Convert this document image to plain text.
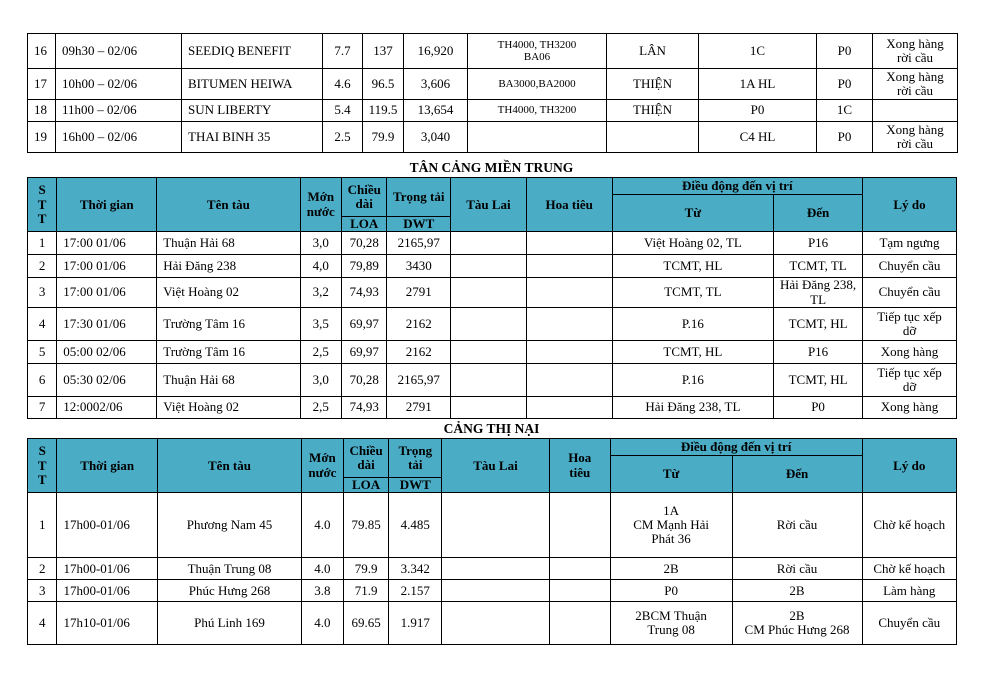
16	09h30 – 02/06	SEEDIQ BENEFIT	7.7	137	16,920	TH4000, TH3200
BA06	LÂN	1C	P0	Xong hàng
rời cầu
17	10h00 – 02/06	BITUMEN HEIWA	4.6	96.5	3,606	BA3000,BA2000	THIỆN	1A HL	P0	Xong hàng
rời cầu
18	11h00 – 02/06	SUN LIBERTY	5.4	119.5	13,654	TH4000, TH3200	THIỆN	P0	1C	
19	16h00 – 02/06	THAI BINH 35	2.5	79.9	3,040			C4 HL	P0	Xong hàng
rời cầu
TÂN CẢNG MIỀN TRUNG
S
T
T	Thời gian	Tên tàu	Mớn
nước	Chiều
dài	Trọng tải	Tàu Lai	Hoa tiêu	Điều động đến vị trí		Lý do
								Từ	Đến	
				LOA	DWT					
1	17:00 01/06	Thuận Hải 68	3,0	70,28	2165,97			Việt Hoàng 02, TL	P16	Tạm ngưng
2	17:00 01/06	Hải Đăng 238	4,0	79,89	3430			TCMT, HL	TCMT, TL	Chuyển cầu
3	17:00 01/06	Việt Hoàng 02	3,2	74,93	2791			TCMT, TL	Hải Đăng 238, TL	Chuyển cầu
4	17:30 01/06	Trường Tâm 16	3,5	69,97	2162			P.16	TCMT, HL	Tiếp tục xếp
dỡ
5	05:00 02/06	Trường Tâm 16	2,5	69,97	2162			TCMT, HL	P16	Xong hàng
6	05:30 02/06	Thuận Hải 68	3,0	70,28	2165,97			P.16	TCMT, HL	Tiếp tục xếp
dỡ
7	12:0002/06	Việt Hoàng 02	2,5	74,93	2791			Hải Đăng 238, TL	P0	Xong hàng
CẢNG THỊ NẠI
S
T
T	Thời gian	Tên tàu	Mớn
nước	Chiều
dài	Trọng tải	Tàu Lai	Hoa
tiêu	Điều động đến vị trí		Lý do
								Từ	Đến	
				LOA	DWT					
1	17h00-01/06	Phương Nam 45	4.0	79.85	4.485			1A
CM Mạnh Hải
Phát 36	Rời cầu	Chờ kế hoạch
2	17h00-01/06	Thuận Trung 08	4.0	79.9	3.342			2B	Rời cầu	Chờ kế hoạch
3	17h00-01/06	Phúc Hưng 268	3.8	71.9	2.157			P0	2B	Làm hàng
4	17h10-01/06	Phú Linh 169	4.0	69.65	1.917			2BCM Thuận
Trung 08	2B
CM Phúc Hưng 268	Chuyển cầu
